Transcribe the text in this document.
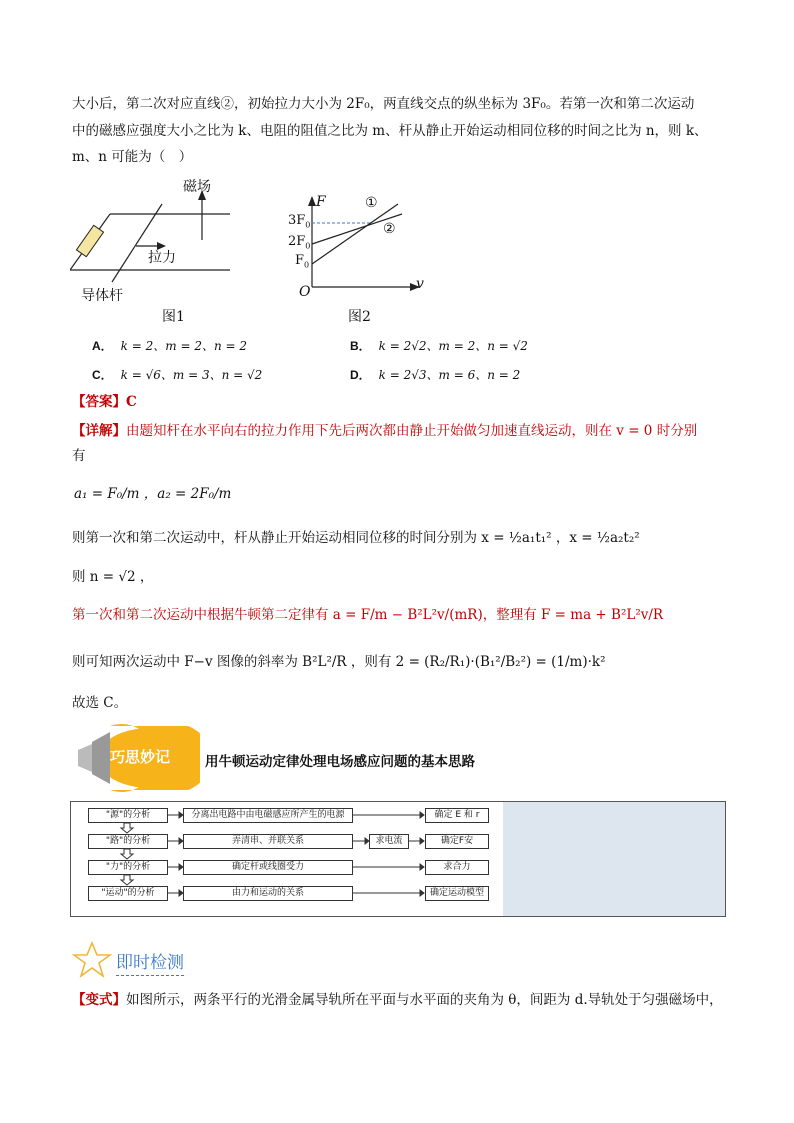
大小后，第二次对应直线②，初始拉力大小为 2F₀，两直线交点的纵坐标为 3F₀。若第一次和第二次运动
中的磁感应强度大小之比为 k、电阻的阻值之比为 m、杆从静止开始运动相同位移的时间之比为 n，则 k、
m、n 可能为（　）
磁场
拉力
导体杆
图1
F
v
O
$3F_0$
$2F_0$
$F_0$
①
②
图2
A． k = 2、m = 2、n = 2	B． k = 2√2、m = 2、n = √2
C． k = √6、m = 3、n = √2	D． k = 2√3、m = 6、n = 2
【答案】C
【详解】由题知杆在水平向右的拉力作用下先后两次都由静止开始做匀加速直线运动，则在 v = 0 时分别
有
a₁ = F₀/m ，a₂ = 2F₀/m
则第一次和第二次运动中，杆从静止开始运动相同位移的时间分别为 x = ½a₁t₁² ，x = ½a₂t₂²
则 n = √2 ，
第一次和第二次运动中根据牛顿第二定律有 a = F/m − B²L²v/(mR)，整理有 F = ma + B²L²v/R
则可知两次运动中 F−v 图像的斜率为 B²L²/R ，则有 2 = (R₂/R₁)·(B₁²/B₂²) = (1/m)·k²
故选 C。
巧思妙记	用牛顿运动定律处理电场感应问题的基本思路
"源"的分析	分离出电路中由电磁感应所产生的电源	确定 E 和 r
"路"的分析	弄清串、并联关系	求电流	确定F安
"力"的分析	确定杆或线圈受力	求合力
"运动"的分析	由力和运动的关系	确定运动模型
即时检测
【变式】如图所示，两条平行的光滑金属导轨所在平面与水平面的夹角为 θ，间距为 d.导轨处于匀强磁场中，
